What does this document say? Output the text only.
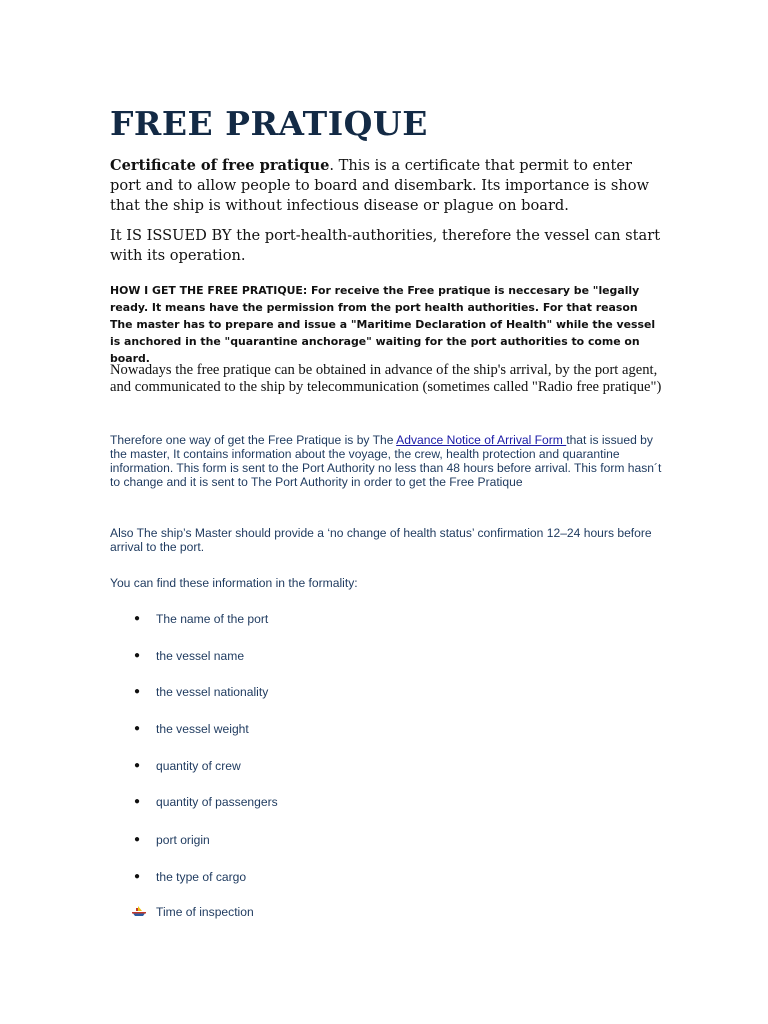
FREE PRATIQUE

Certificate of free pratique. This is a certificate that permit to enter port and to allow people to board and disembark. Its importance is show that the ship is without infectious disease or plague on board.

It IS ISSUED BY the port-health-authorities, therefore the vessel can start with its operation.

HOW I GET THE FREE PRATIQUE: For receive the Free pratique is neccesary be "legally ready. It means have the permission from the port health authorities. For that reason The master has to prepare and issue a "Maritime Declaration of Health" while the vessel is anchored in the "quarantine anchorage" waiting for the port authorities to come on board.

Nowadays the free pratique can be obtained in advance of the ship's arrival, by the port agent, and communicated to the ship by telecommunication (sometimes called "Radio free pratique")

Therefore one way of get the Free Pratique is by The Advance Notice of Arrival Form that is issued by the master, It contains information about the voyage, the crew, health protection and quarantine information. This form is sent to the Port Authority no less than 48 hours before arrival. This form hasn´t to change and it is sent to The Port Authority in order to get the Free Pratique

Also The ship’s Master should provide a ‘no change of health status’ confirmation 12–24 hours before arrival to the port.

You can find these information in the formality:

● The name of the port
● the vessel name
● the vessel nationality
● the vessel weight
● quantity of crew
● quantity of passengers
● port origin
● the type of cargo
Time of inspection
